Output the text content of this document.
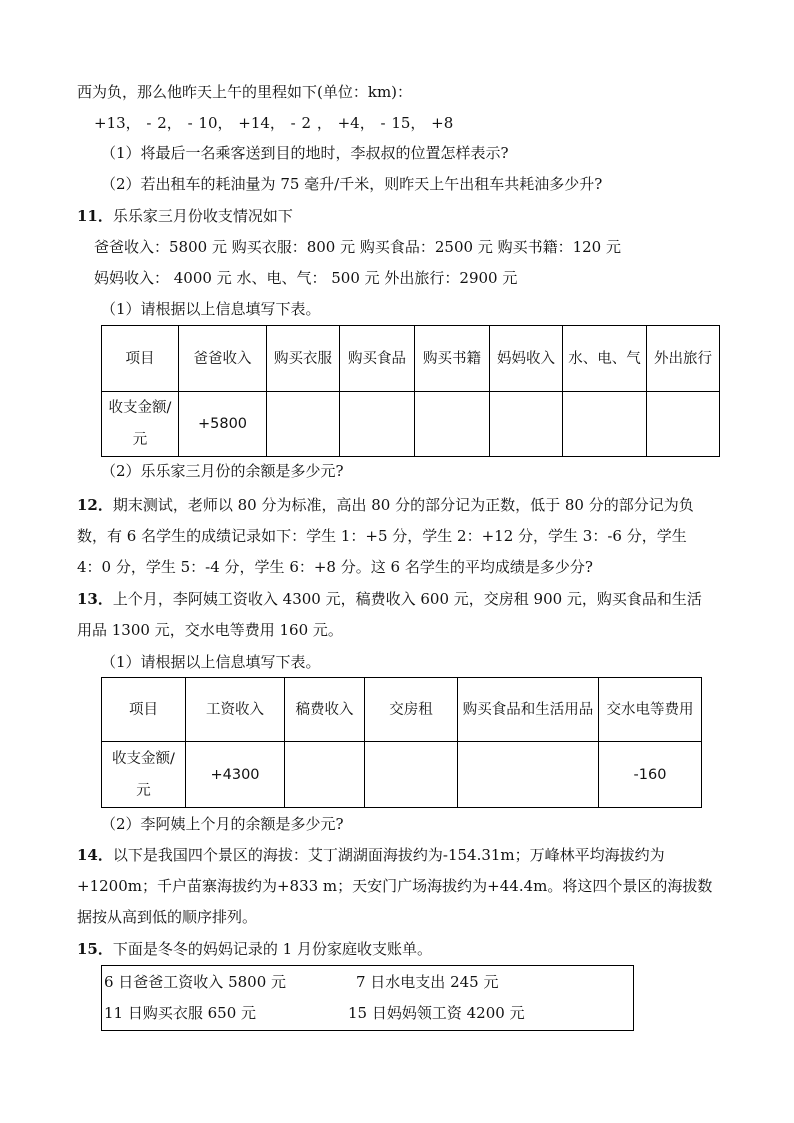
西为负，那么他昨天上午的里程如下(单位：km)：
+13， - 2， - 10， +14， - 2 ， +4， - 15， +8
（1）将最后一名乘客送到目的地时，李叔叔的位置怎样表示?
（2）若出租车的耗油量为 75 毫升/千米，则昨天上午出租车共耗油多少升?
11．乐乐家三月份收支情况如下
爸爸收入：5800 元 购买衣服：800 元 购买食品：2500 元 购买书籍：120 元
妈妈收入： 4000 元 水、电、气： 500 元 外出旅行：2900 元
（1）请根据以上信息填写下表。
项目	爸爸收入	购买衣服	购买食品	购买书籍	妈妈收入	水、电、气	外出旅行
收支金额/元	+5800						
（2）乐乐家三月份的余额是多少元?
12．期末测试，老师以 80 分为标准，高出 80 分的部分记为正数，低于 80 分的部分记为负
数，有 6 名学生的成绩记录如下：学生 1：+5 分，学生 2：+12 分，学生 3：-6 分，学生
4：0 分，学生 5：-4 分，学生 6：+8 分。这 6 名学生的平均成绩是多少分?
13．上个月，李阿姨工资收入 4300 元，稿费收入 600 元，交房租 900 元，购买食品和生活
用品 1300 元，交水电等费用 160 元。
（1）请根据以上信息填写下表。
项目	工资收入	稿费收入	交房租	购买食品和生活用品	交水电等费用
收支金额/元	+4300				-160
（2）李阿姨上个月的余额是多少元?
14．以下是我国四个景区的海拔：艾丁湖湖面海拔约为-154.31m；万峰林平均海拔约为
+1200m；千户苗寨海拔约为+833 m；天安门广场海拔约为+44.4m。将这四个景区的海拔数
据按从高到低的顺序排列。
15．下面是冬冬的妈妈记录的 1 月份家庭收支账单。
6 日爸爸工资收入 5800 元	7 日水电支出 245 元
11 日购买衣服 650 元	15 日妈妈领工资 4200 元
